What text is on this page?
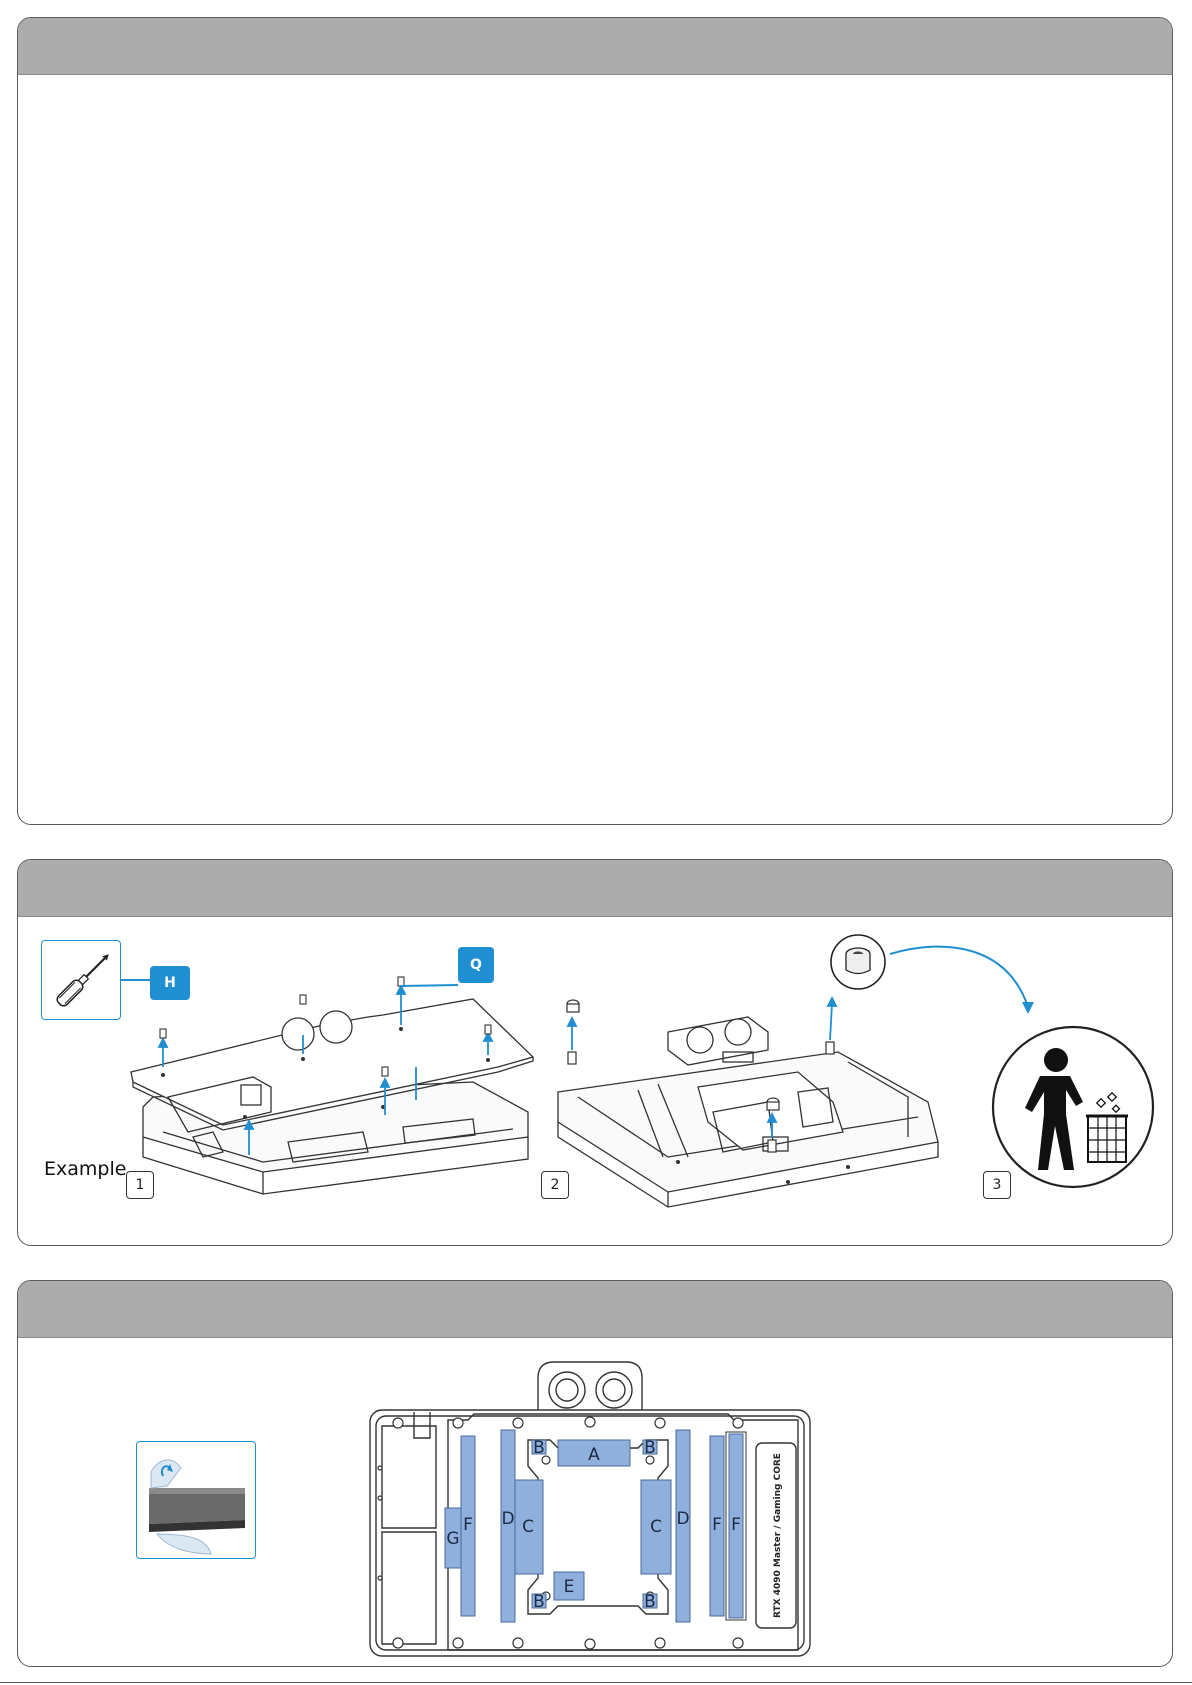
H
Q
Example
1	2	3
A
B	B
B	B
C	C
D	D
E
F	F F
G	RTX 4090 Master / Gaming CORE
